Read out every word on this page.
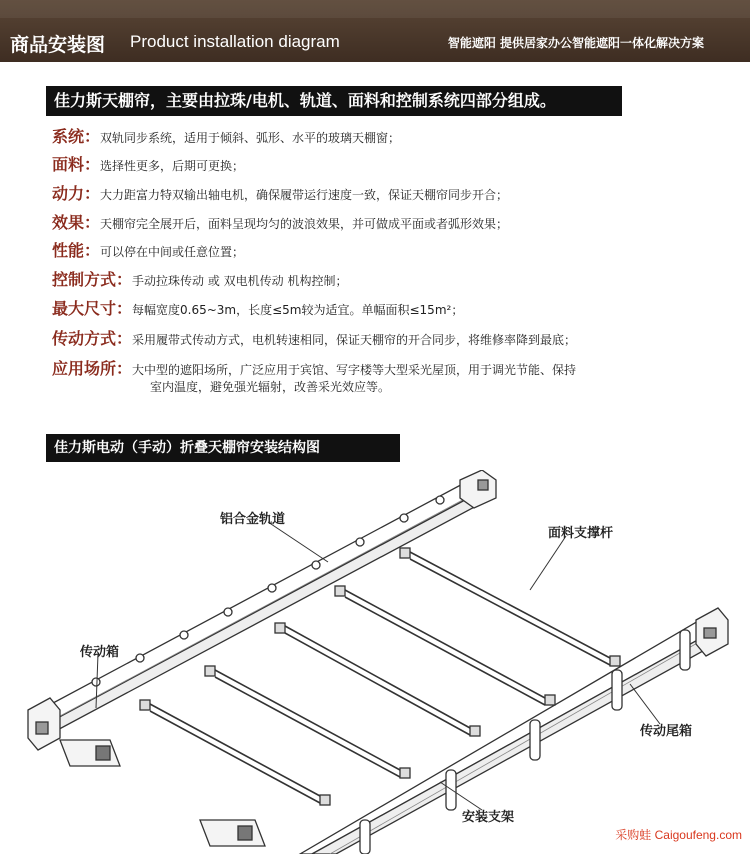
商品安装图 Product installation diagram	智能遮阳 提供居家办公智能遮阳一体化解决方案
佳力斯天棚帘，主要由拉珠/电机、轨道、面料和控制系统四部分组成。
系统：双轨同步系统，适用于倾斜、弧形、水平的玻璃天棚窗；
面料：选择性更多，后期可更换；
动力：大力距富力特双输出轴电机，确保履带运行速度一致，保证天棚帘同步开合；
效果：天棚帘完全展开后，面料呈现均匀的波浪效果，并可做成平面或者弧形效果；
性能：可以停在中间或任意位置；
控制方式：手动拉珠传动 或 双电机传动 机构控制；
最大尺寸：每幅宽度0.65~3m，长度≤5m较为适宜。单幅面积≤15m²；
传动方式：采用履带式传动方式，电机转速相同，保证天棚帘的开合同步，将维修率降到最底；
应用场所：大中型的遮阳场所，广泛应用于宾馆、写字楼等大型采光屋顶，用于调光节能、保持
室内温度，避免强光辐射，改善采光效应等。
佳力斯电动（手动）折叠天棚帘安装结构图
铝合金轨道
面料支撑杆
传动箱
传动尾箱
安装支架
采购蛙 Caigoufeng.com
